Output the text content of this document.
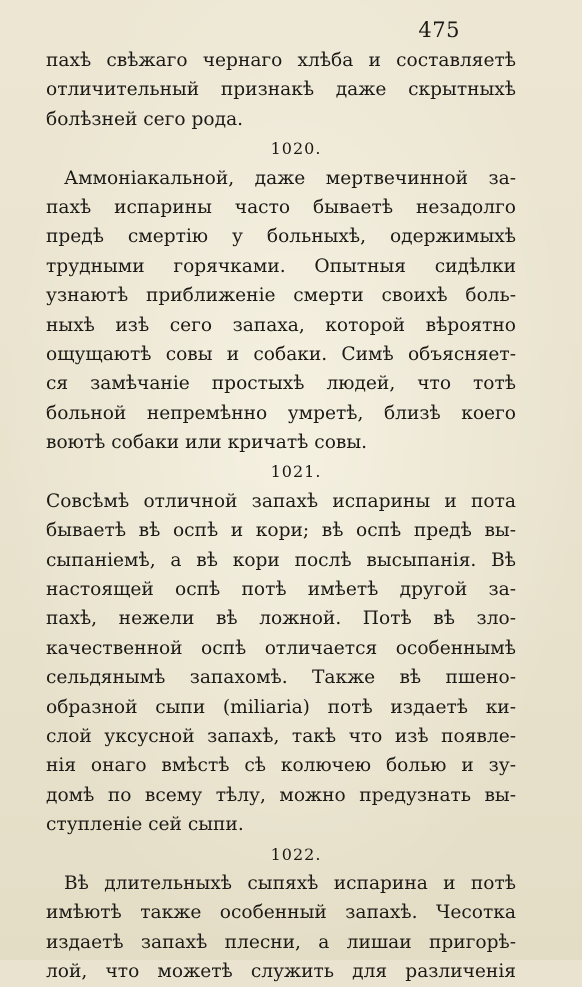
475
пахѣ свѣжаго чернаго хлѣба и составляетѣ
отличительный признакѣ даже скрытныхѣ
болѣзней сего рода.
1020.
Аммоніакальной, даже мертвечинной за-
пахѣ испарины часто бываетѣ незадолго
предѣ смертію у больныхѣ, одержимыхѣ
трудными горячками. Опытныя сидѣлки
узнаютѣ приближеніе смерти своихѣ боль-
ныхѣ изѣ сего запаха, которой вѣроятно
ощущаютѣ совы и собаки. Симѣ объясняет-
ся замѣчаніе простыхѣ людей, что тотѣ
больной непремѣнно умретѣ, близѣ коего
воютѣ собаки или кричатѣ совы.
1021.
Совсѣмѣ отличной запахѣ испарины и пота
бываетѣ вѣ оспѣ и кори; вѣ оспѣ предѣ вы-
сыпаніемѣ, а вѣ кори послѣ высыпанія. Вѣ
настоящей оспѣ потѣ имѣетѣ другой за-
пахѣ, нежели вѣ ложной. Потѣ вѣ зло-
качественной оспѣ отличается особеннымѣ
сельдянымѣ запахомѣ. Также вѣ пшено-
образной сыпи (miliaria) потѣ издаетѣ ки-
слой уксусной запахѣ, такѣ что изѣ появле-
нія онаго вмѣстѣ сѣ колючею болью и зу-
домѣ по всему тѣлу, можно предузнать вы-
ступленіе сей сыпи.
1022.
Вѣ длительныхѣ сыпяхѣ испарина и потѣ
имѣютѣ также особенный запахѣ. Чесотка
издаетѣ запахѣ плесни, а лишаи пригорѣ-
лой, что можетѣ служить для различенія
